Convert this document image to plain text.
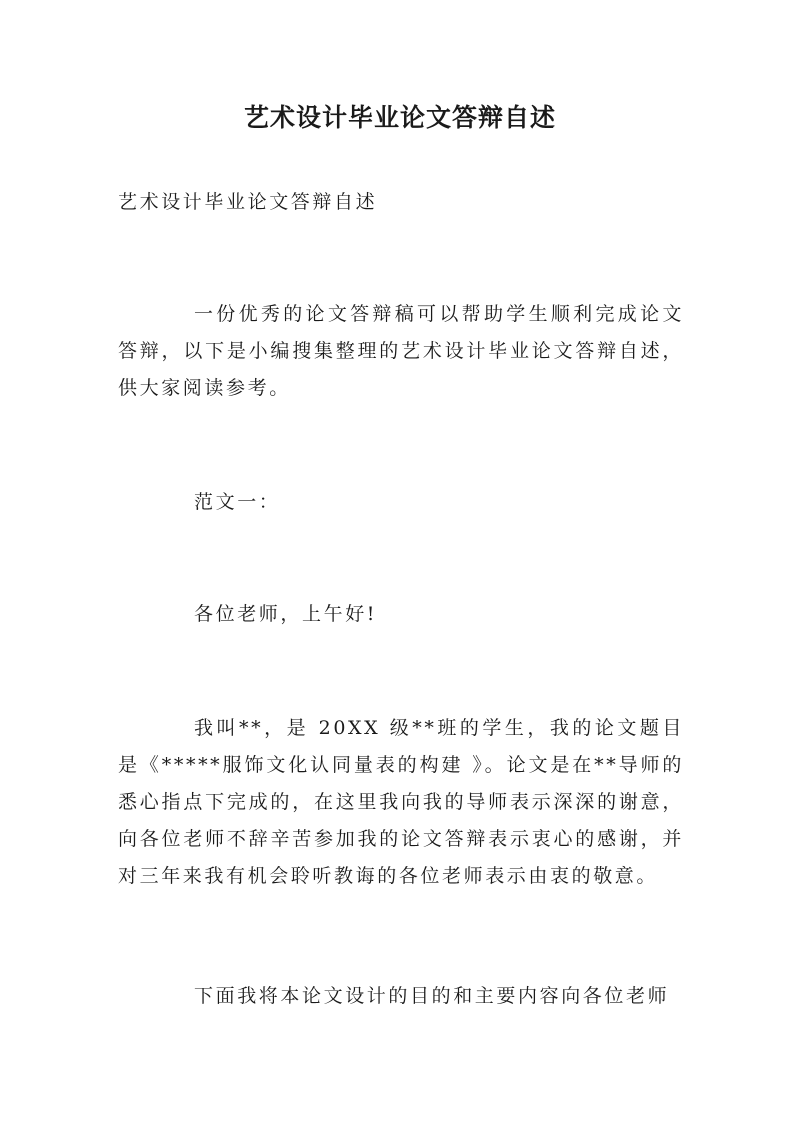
艺术设计毕业论文答辩自述

艺术设计毕业论文答辩自述

一份优秀的论文答辩稿可以帮助学生顺利完成论文答辩，以下是小编搜集整理的艺术设计毕业论文答辩自述，供大家阅读参考。

范文一：

各位老师，上午好!

我叫**，是 20XX 级**班的学生，我的论文题目是《*****服饰文化认同量表的构建 》。论文是在**导师的悉心指点下完成的，在这里我向我的导师表示深深的谢意，向各位老师不辞辛苦参加我的论文答辩表示衷心的感谢，并对三年来我有机会聆听教诲的各位老师表示由衷的敬意。

下面我将本论文设计的目的和主要内容向各位老师
